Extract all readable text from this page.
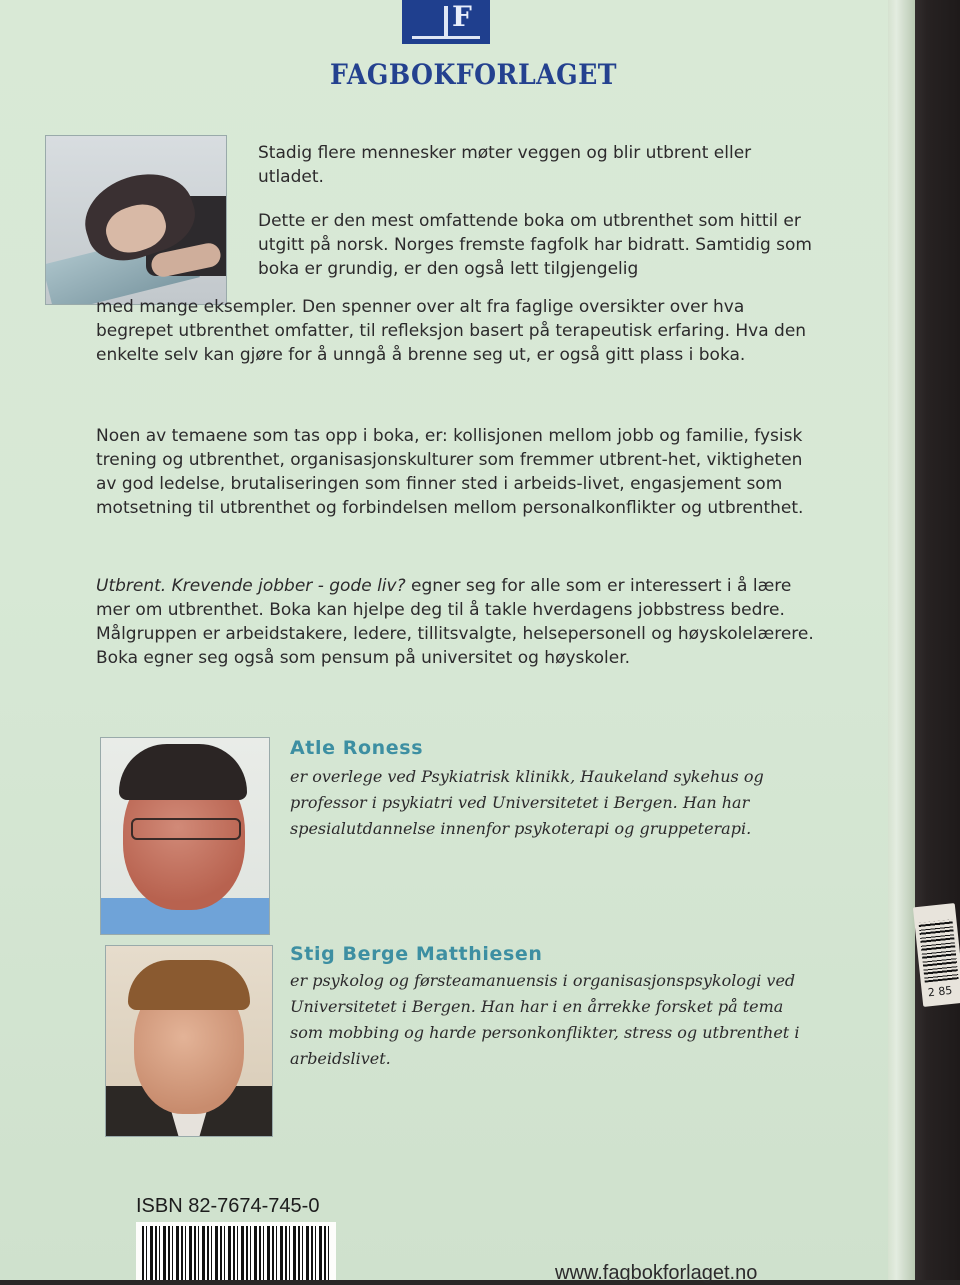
2 85
F
FAGBOKFORLAGET
Stadig flere mennesker møter veggen og blir utbrent eller utladet.
Dette er den mest omfattende boka om utbrenthet som hittil er utgitt på norsk. Norges fremste fagfolk har bidratt. Samtidig som boka er grundig, er den også lett tilgjengelig
med mange eksempler. Den spenner over alt fra faglige oversikter over hva begrepet utbrenthet omfatter, til refleksjon basert på terapeutisk erfaring. Hva den enkelte selv kan gjøre for å unngå å brenne seg ut, er også gitt plass i boka.
Noen av temaene som tas opp i boka, er: kollisjonen mellom jobb og familie, fysisk trening og utbrenthet, organisasjonskulturer som fremmer utbrent-het, viktigheten av god ledelse, brutaliseringen som finner sted i arbeids-livet, engasjement som motsetning til utbrenthet og forbindelsen mellom personalkonflikter og utbrenthet.
Utbrent. Krevende jobber - gode liv? egner seg for alle som er interessert i å lære mer om utbrenthet. Boka kan hjelpe deg til å takle hverdagens jobbstress bedre. Målgruppen er arbeidstakere, ledere, tillitsvalgte, helsepersonell og høyskolelærere. Boka egner seg også som pensum på universitet og høyskoler.
Atle Roness
er overlege ved Psykiatrisk klinikk, Haukeland sykehus og professor i psykiatri ved Universitetet i Bergen. Han har spesialutdannelse innenfor psykoterapi og gruppeterapi.
Stig Berge Matthiesen
er psykolog og førsteamanuensis i organisasjonspsykologi ved Universitetet i Bergen. Han har i en årrekke forsket på tema som mobbing og harde personkonflikter, stress og utbrenthet i arbeidslivet.
ISBN 82-7674-745-0
www.fagbokforlaget.no
